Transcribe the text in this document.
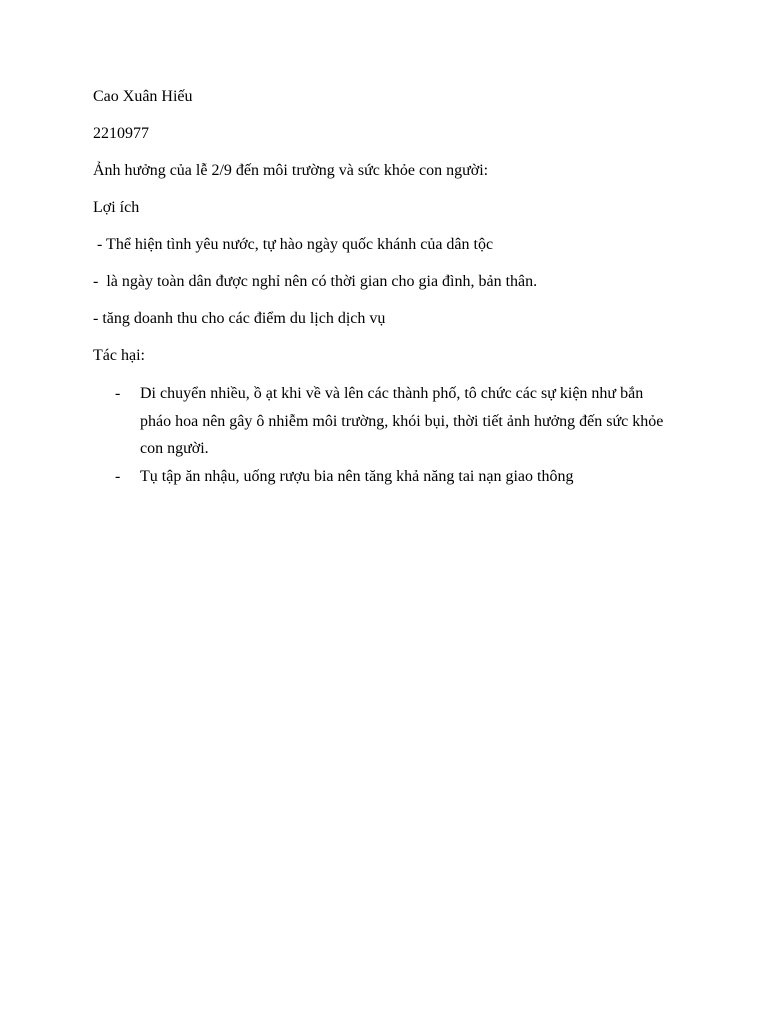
Cao Xuân Hiếu

2210977

Ảnh hưởng của lễ 2/9 đến môi trường và sức khỏe con người:

Lợi ích

- Thể hiện tình yêu nước, tự hào ngày quốc khánh của dân tộc

-  là ngày toàn dân được nghỉ nên có thời gian cho gia đình, bản thân.

- tăng doanh thu cho các điểm du lịch dịch vụ

Tác hại:

- Di chuyển nhiều, ồ ạt khi về và lên các thành phố, tô chức các sự kiện như bắn pháo hoa nên gây ô nhiễm môi trường, khói bụi, thời tiết ảnh hưởng đến sức khỏe con người.
- Tụ tập ăn nhậu, uống rượu bia nên tăng khả năng tai nạn giao thông
